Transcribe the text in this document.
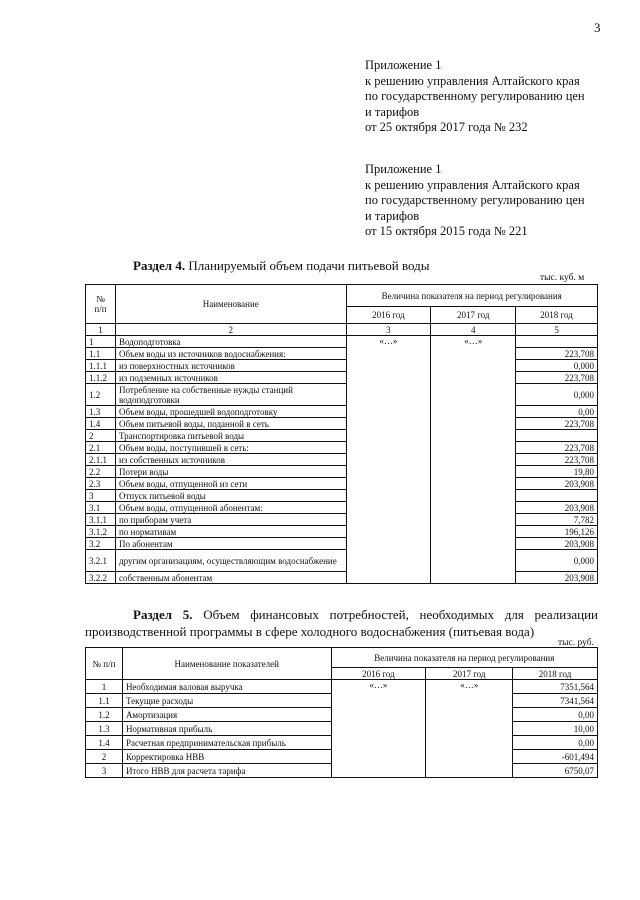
3
Приложение 1
к решению управления Алтайского края
по государственному регулированию цен
и тарифов
от 25 октября 2017 года № 232
Приложение 1
к решению управления Алтайского края
по государственному регулированию цен
и тарифов
от 15 октября 2015 года № 221
Раздел 4. Планируемый объем подачи питьевой воды
тыс. куб. м
№
п/п	Наименование	Величина показателя на период регулирования		
		2016 год	2017 год	2018 год
1	2	3	4	5
1	Водоподготовка	«…»	«…»	
1.1	Объем воды из источников водоснабжения:			223,708
1.1.1	из поверхностных источников			0,000
1.1.2	из подземных источников			223,708
1.2	Потребление на собственные нужды станций водоподготовки			0,000
1.3	Объем воды, прошедшей водоподготовку			0,00
1.4	Объем питьевой воды, поданной в сеть			223,708
2	Транспортировка питьевой воды			
2.1	Объем воды, поступившей в сеть:			223,708
2.1.1	из собственных источников			223,708
2.2	Потери воды			19,80
2.3	Объем воды, отпущенной из сети			203,908
3	Отпуск питьевой воды			
3.1	Объем воды, отпущенной абонентам:			203,908
3.1.1	по приборам учета			7,782
3.1.2	по нормативам			196,126
3.2	По абонентам			203,908
3.2.1	другим организациям, осуществляющим водоснабжение			0,000
3.2.2	собственным абонентам			203,908
Раздел 5. Объем финансовых потребностей, необходимых для реализации производственной программы в сфере холодного водоснабжения (питьевая вода)
тыс. руб.
№ п/п	Наименование показателей	Величина показателя на период регулирования		
		2016 год	2017 год	2018 год
1	Необходимая валовая выручка	«…»	«…»	7351,564
1.1	Текущие расходы			7341,564
1.2	Амортизация			0,00
1.3	Нормативная прибыль			10,00
1.4	Расчетная предпринимательская прибыль			0,00
2	Корректировка НВВ			-601,494
3	Итого НВВ для расчета тарифа			6750,07
